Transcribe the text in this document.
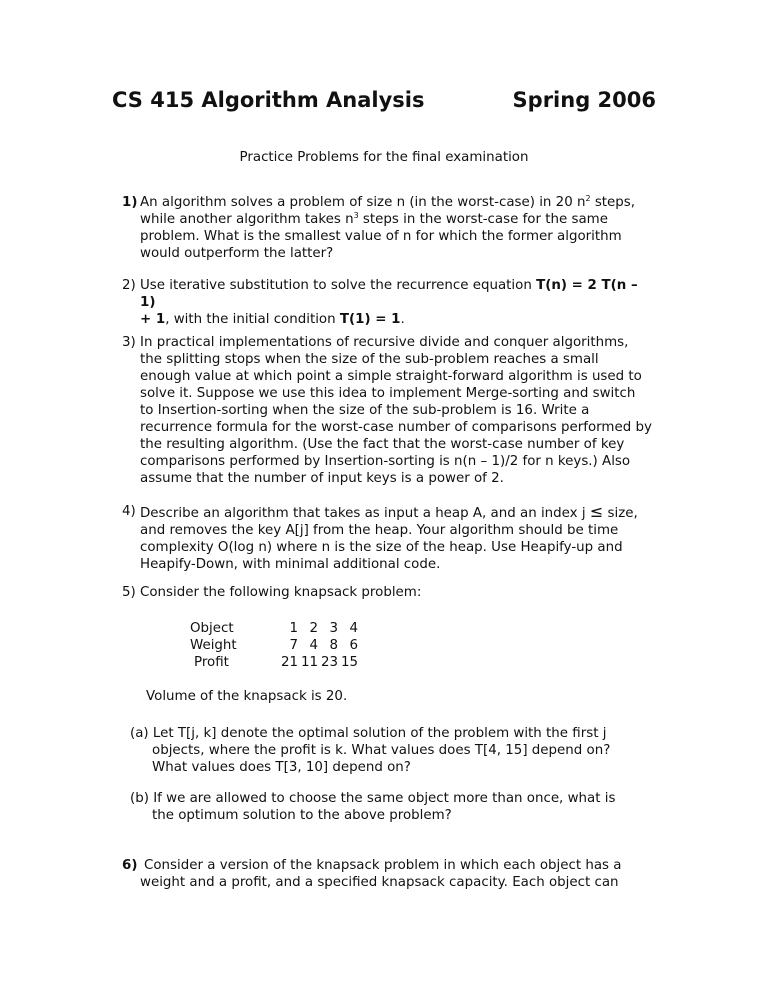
CS 415 Algorithm Analysis	Spring 2006
Practice Problems for the final examination
1) An algorithm solves a problem of size n (in the worst-case) in 20 $n^2$ steps,
while another algorithm takes $n^3$ steps in the worst-case for the same
problem. What is the smallest value of n for which the former algorithm
would outperform the latter?
2) Use iterative substitution to solve the recurrence equation T(n) = 2 T(n – 1)
+ 1, with the initial condition T(1) = 1.
3) In practical implementations of recursive divide and conquer algorithms, the splitting stops when the size of the sub-problem reaches a small enough value at which point a simple straight-forward algorithm is used to solve it. Suppose we use this idea to implement Merge-sorting and switch to Insertion-sorting when the size of the sub-problem is 16. Write a recurrence formula for the worst-case number of comparisons performed by the resulting algorithm. (Use the fact that the worst-case number of key comparisons performed by Insertion-sorting is n(n – 1)/2 for n keys.) Also assume that the number of input keys is a power of 2.
4) Describe an algorithm that takes as input a heap A, and an index j ≤ size, and removes the key A[j] from the heap. Your algorithm should be time complexity O(log n) where n is the size of the heap. Use Heapify-up and Heapify-Down, with minimal additional code.
5) Consider the following knapsack problem:
Object	1	2	3	4
Weight	7	4	8	6
Profit	21	11	23	15
Volume of the knapsack is 20.
(a) Let T[j, k] denote the optimal solution of the problem with the first j
objects, where the profit is k. What values does T[4, 15] depend on?
What values does T[3, 10] depend on?
(b) If we are allowed to choose the same object more than once, what is
the optimum solution to the above problem?
6) Consider a version of the knapsack problem in which each object has a
weight and a profit, and a specified knapsack capacity. Each object can
